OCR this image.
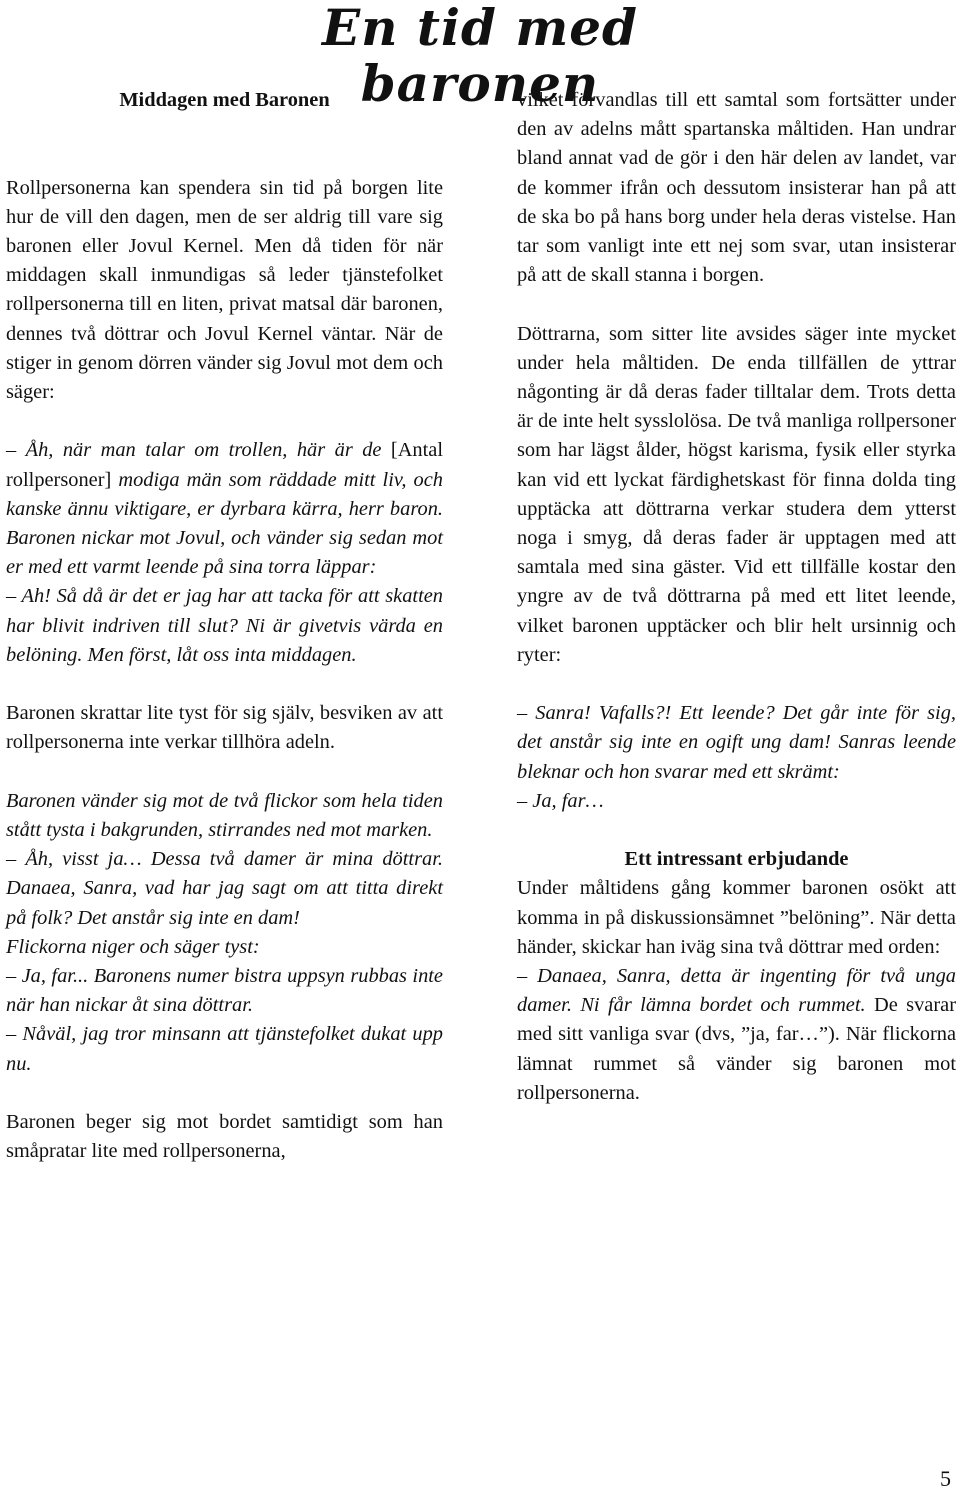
En tid med baronen

Middagen med Baronen

Rollpersonerna kan spendera sin tid på borgen lite hur de vill den dagen, men de ser aldrig till vare sig baronen eller Jovul Kernel. Men då tiden för när middagen skall inmundigas så leder tjänstefolket rollpersonerna till en liten, privat matsal där baronen, dennes två döttrar och Jovul Kernel väntar. När de stiger in genom dörren vänder sig Jovul mot dem och säger:

– Åh, när man talar om trollen, här är de [Antal rollpersoner] modiga män som räddade mitt liv, och kanske ännu viktigare, er dyrbara kärra, herr baron. Baronen nickar mot Jovul, och vänder sig sedan mot er med ett varmt leende på sina torra läppar:
– Ah! Så då är det er jag har att tacka för att skatten har blivit indriven till slut? Ni är givetvis värda en belöning. Men först, låt oss inta middagen.

Baronen skrattar lite tyst för sig själv, besviken av att rollpersonerna inte verkar tillhöra adeln.

Baronen vänder sig mot de två flickor som hela tiden stått tysta i bakgrunden, stirrandes ned mot marken.

– Åh, visst ja… Dessa två damer är mina döttrar. Danaea, Sanra, vad har jag sagt om att titta direkt på folk? Det anstår sig inte en dam!

Flickorna niger och säger tyst:

– Ja, far... Baronens numer bistra uppsyn rubbas inte när han nickar åt sina döttrar.

– Nåväl, jag tror minsann att tjänstefolket dukat upp nu.

Baronen beger sig mot bordet samtidigt som han småpratar lite med rollpersonerna,

vilket förvandlas till ett samtal som fortsätter under den av adelns mått spartanska måltiden. Han undrar bland annat vad de gör i den här delen av landet, var de kommer ifrån och dessutom insisterar han på att de ska bo på hans borg under hela deras vistelse. Han tar som vanligt inte ett nej som svar, utan insisterar på att de skall stanna i borgen.

Döttrarna, som sitter lite avsides säger inte mycket under hela måltiden. De enda tillfällen de yttrar någonting är då deras fader tilltalar dem. Trots detta är de inte helt sysslolösa. De två manliga rollpersoner som har lägst ålder, högst karisma, fysik eller styrka kan vid ett lyckat färdighetskast för finna dolda ting upptäcka att döttrarna verkar studera dem ytterst noga i smyg, då deras fader är upptagen med att samtala med sina gäster. Vid ett tillfälle kostar den yngre av de två döttrarna på med ett litet leende, vilket baronen upptäcker och blir helt ursinnig och ryter:

– Sanra! Vafalls?! Ett leende? Det går inte för sig, det anstår sig inte en ogift ung dam! Sanras leende bleknar och hon svarar med ett skrämt:

– Ja, far…

Ett intressant erbjudande

Under måltidens gång kommer baronen osökt att komma in på diskussionsämnet ”belöning”. När detta händer, skickar han iväg sina två döttrar med orden:
– Danaea, Sanra, detta är ingenting för två unga damer. Ni får lämna bordet och rummet. De svarar med sitt vanliga svar (dvs, ”ja, far…”). När flickorna lämnat rummet så vänder sig baronen mot rollpersonerna.

5
